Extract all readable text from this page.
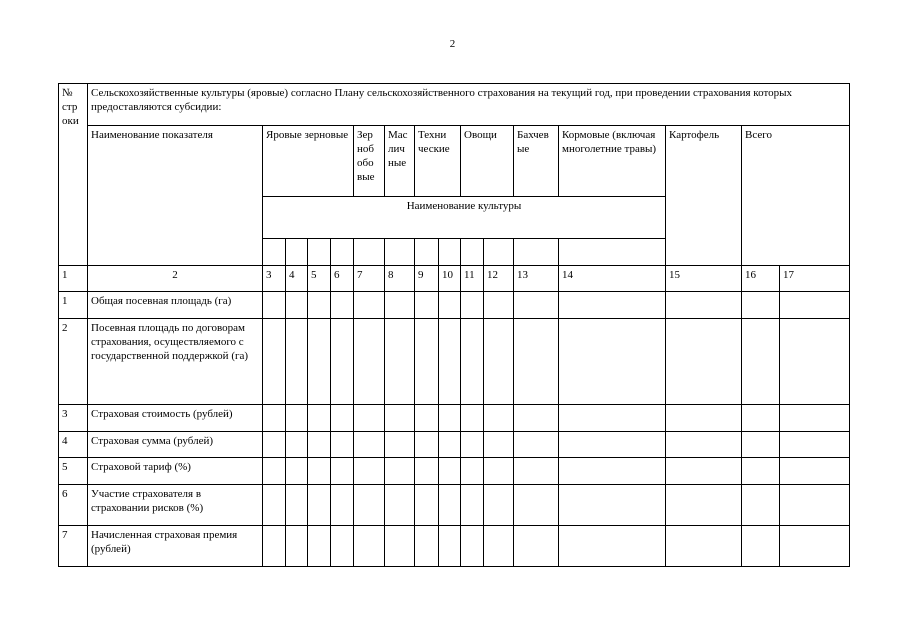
2
№ стр оки	Сельскохозяйственные культуры (яровые) согласно Плану сельскохозяйственного страхования на текущий год, при проведении страхования которых предоставляются субсидии:															
	Наименование показателя	Яровые зерновые				Зер ноб обо вые	Мас лич ные	Техни ческие		Овощи		Бахчев ые	Кормовые (включая многолетние травы)	Картофель	Всего	
		Наименование культуры														

1	2	3	4	5	6	7	8	9	10	11	12	13	14	15	16	17
1	Общая посевная площадь (га)															
2	Посевная площадь по договорам страхования, осуществляемого с государственной поддержкой (га)															
3	Страховая стоимость (рублей)															
4	Страховая сумма (рублей)															
5	Страховой тариф (%)															
6	Участие страхователя в страховании рисков (%)															
7	Начисленная страховая премия (рублей)															
